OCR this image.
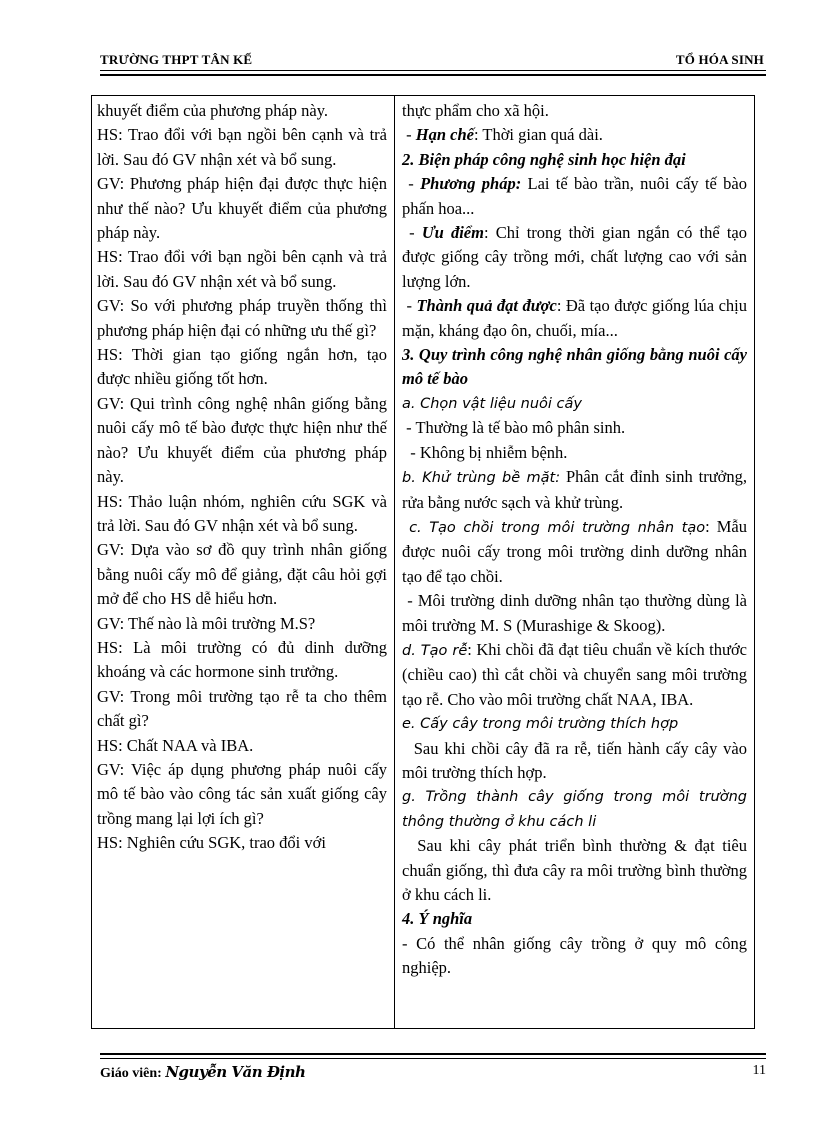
TRƯỜNG THPT TÂN KẾ	TỔ HÓA SINH

khuyết điểm của phương pháp này.

HS: Trao đổi với bạn ngồi bên cạnh và trả lời. Sau đó GV nhận xét và bổ sung.

GV: Phương pháp hiện đại được thực hiện như thế nào? Ưu khuyết điểm của phương pháp này.

HS: Trao đổi với bạn ngồi bên cạnh và trả lời. Sau đó GV nhận xét và bổ sung.

GV: So với phương pháp truyền thống thì phương pháp hiện đại có những ưu thế gì?

HS: Thời gian tạo giống ngắn hơn, tạo được nhiều giống tốt hơn.

GV: Qui trình công nghệ nhân giống bằng nuôi cấy mô tế bào được thực hiện như thế nào? Ưu khuyết điểm của phương pháp này.

HS: Thảo luận nhóm, nghiên cứu SGK và trả lời. Sau đó GV nhận xét và bổ sung.

GV: Dựa vào sơ đồ quy trình nhân giống bằng nuôi cấy mô để giảng, đặt câu hỏi gợi mở để cho HS dễ hiểu hơn.

GV: Thế nào là môi trường M.S?

HS: Là môi trường có đủ dinh dưỡng khoáng và các hormone sinh trưởng.

GV: Trong môi trường tạo rễ ta cho thêm chất gì?

HS: Chất NAA và IBA.

GV: Việc áp dụng phương pháp nuôi cấy mô tế bào vào công tác sản xuất giống cây trồng mang lại lợi ích gì?

HS: Nghiên cứu SGK, trao đổi với

thực phẩm cho xã hội.

- Hạn chế: Thời gian quá dài.

2. Biện pháp công nghệ sinh học hiện đại

- Phương pháp: Lai tế bào trần, nuôi cấy tế bào phấn hoa...

- Ưu điểm: Chỉ trong thời gian ngắn có thể tạo được giống cây trồng mới, chất lượng cao với sản lượng lớn.

- Thành quả đạt được: Đã tạo được giống lúa chịu mặn, kháng đạo ôn, chuối, mía...

3. Quy trình công nghệ nhân giống bằng nuôi cấy mô tế bào

a. Chọn vật liệu nuôi cấy

- Thường là tế bào mô phân sinh.

- Không bị nhiễm bệnh.

b. Khử trùng bề mặt: Phân cắt đỉnh sinh trưởng, rửa bằng nước sạch và khử trùng.

c. Tạo chồi trong môi trường nhân tạo: Mẫu được nuôi cấy trong môi trường dinh dưỡng nhân tạo để tạo chồi.

- Môi trường dinh dưỡng nhân tạo thường dùng là môi trường M. S (Murashige & Skoog).

d. Tạo rễ: Khi chồi đã đạt tiêu chuẩn về kích thước (chiều cao) thì cắt chồi và chuyển sang môi trường tạo rễ. Cho vào môi trường chất NAA, IBA.

e. Cấy cây trong môi trường thích hợp

Sau khi chồi cây đã ra rễ, tiến hành cấy cây vào môi trường thích hợp.

g. Trồng thành cây giống trong môi trường thông thường ở khu cách li

Sau khi cây phát triển bình thường & đạt tiêu chuẩn giống, thì đưa cây ra môi trường bình thường ở khu cách li.

4. Ý nghĩa

- Có thể nhân giống cây trồng ở quy mô công nghiệp.

Giáo viên: Nguyễn Văn Định	11
